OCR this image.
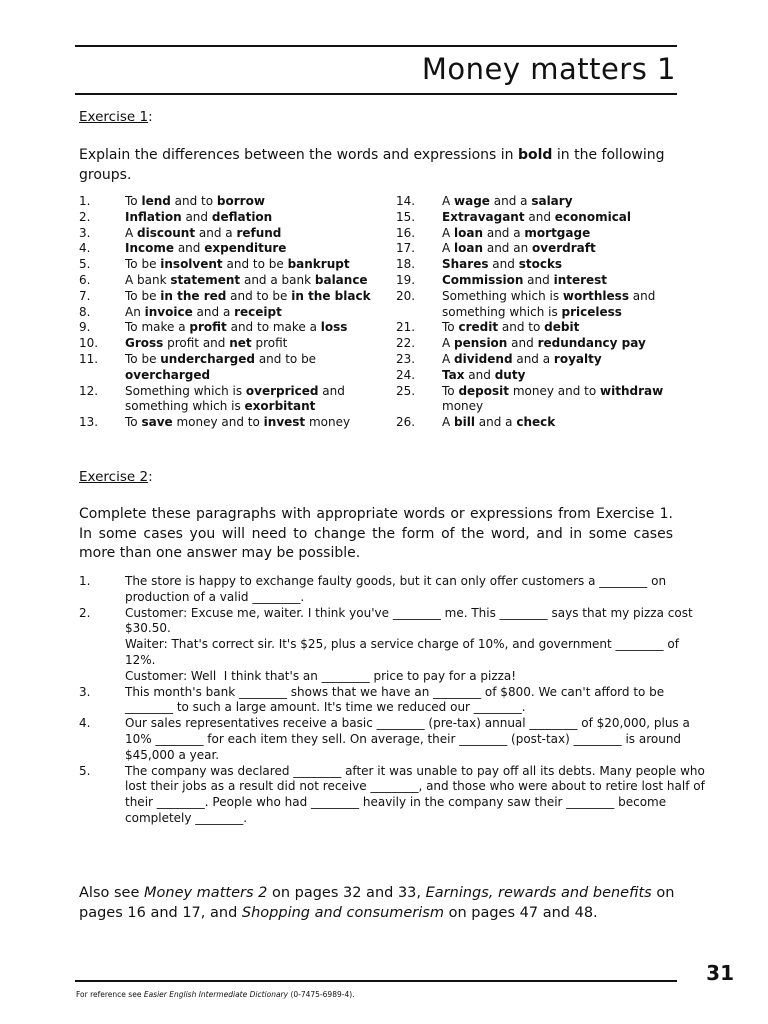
Money matters 1
Exercise 1:
Explain the differences between the words and expressions in bold in the following groups.
1.	To lend and to borrow
2.	Inflation and deflation
3.	A discount and a refund
4.	Income and expenditure
5.	To be insolvent and to be bankrupt
6.	A bank statement and a bank balance
7.	To be in the red and to be in the black
8.	An invoice and a receipt
9.	To make a profit and to make a loss
10.	Gross profit and net profit
11.	To be undercharged and to be
overcharged
12.	Something which is overpriced and
something which is exorbitant
13.	To save money and to invest money
14.	A wage and a salary
15.	Extravagant and economical
16.	A loan and a mortgage
17.	A loan and an overdraft
18.	Shares and stocks
19.	Commission and interest
20.	Something which is worthless and
something which is priceless
21.	To credit and to debit
22.	A pension and redundancy pay
23.	A dividend and a royalty
24.	Tax and duty
25.	To deposit money and to withdraw
money
26.	A bill and a check
Exercise 2:
Complete these paragraphs with appropriate words or expressions from Exercise 1. In some cases you will need to change the form of the word, and in some cases more than one answer may be possible.
1.	The store is happy to exchange faulty goods, but it can only offer customers a ________ on
production of a valid ________.
2.	Customer: Excuse me, waiter. I think you've ________ me. This ________ says that my pizza cost
$30.50.
Waiter: That's correct sir. It's $25, plus a service charge of 10%, and government ________ of
12%.
Customer: Well  I think that's an ________ price to pay for a pizza!
3.	This month's bank ________ shows that we have an ________ of $800. We can't afford to be
________ to such a large amount. It's time we reduced our ________.
4.	Our sales representatives receive a basic ________ (pre-tax) annual ________ of $20,000, plus a
10% ________ for each item they sell. On average, their ________ (post-tax) ________ is around
$45,000 a year.
5.	The company was declared ________ after it was unable to pay off all its debts. Many people who
lost their jobs as a result did not receive ________, and those who were about to retire lost half of
their ________. People who had ________ heavily in the company saw their ________ become
completely ________.
Also see Money matters 2 on pages 32 and 33, Earnings, rewards and benefits on pages 16 and 17, and Shopping and consumerism on pages 47 and 48.
31
For reference see Easier English Intermediate Dictionary (0-7475-6989-4).
